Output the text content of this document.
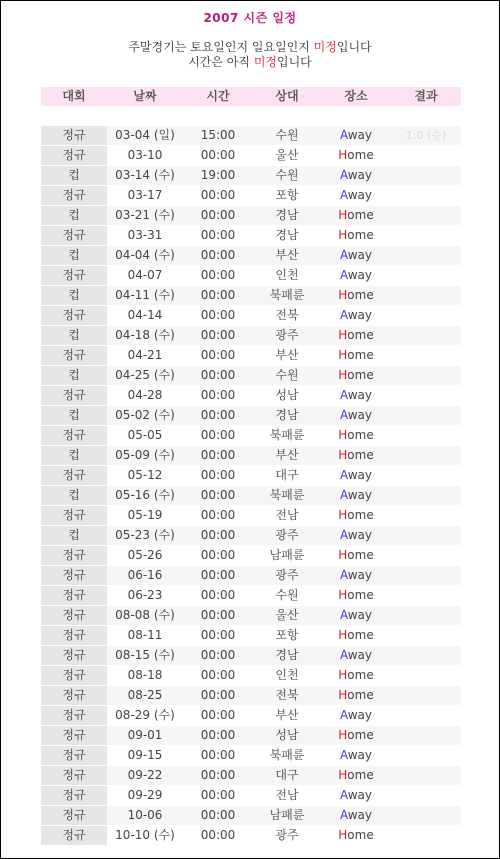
2007 시즌 일정
주말경기는 토요일인지 일요일인지 미정입니다
시간은 아직 미정입니다
대회	날짜	시간	상대	장소	결과
정규	03-04 (일)	15:00	수원	Away	1:0 (승)
정규	03-10	00:00	울산	Home
컵	03-14 (수)	19:00	수원	Away
정규	03-17	00:00	포항	Away
컵	03-21 (수)	00:00	경남	Home
정규	03-31	00:00	경남	Home
컵	04-04 (수)	00:00	부산	Away
정규	04-07	00:00	인천	Away
컵	04-11 (수)	00:00	북패륜	Home
정규	04-14	00:00	전북	Away
컵	04-18 (수)	00:00	광주	Home
정규	04-21	00:00	부산	Home
컵	04-25 (수)	00:00	수원	Home
정규	04-28	00:00	성남	Away
컵	05-02 (수)	00:00	경남	Away
정규	05-05	00:00	북패륜	Home
컵	05-09 (수)	00:00	부산	Home
정규	05-12	00:00	대구	Away
컵	05-16 (수)	00:00	북패륜	Away
정규	05-19	00:00	전남	Home
컵	05-23 (수)	00:00	광주	Away
정규	05-26	00:00	남패륜	Home
정규	06-16	00:00	광주	Away
정규	06-23	00:00	수원	Home
정규	08-08 (수)	00:00	울산	Away
정규	08-11	00:00	포항	Home
정규	08-15 (수)	00:00	경남	Away
정규	08-18	00:00	인천	Home
정규	08-25	00:00	전북	Home
정규	08-29 (수)	00:00	부산	Away
정규	09-01	00:00	성남	Home
정규	09-15	00:00	북패륜	Away
정규	09-22	00:00	대구	Home
정규	09-29	00:00	전남	Away
정규	10-06	00:00	남패륜	Away
정규	10-10 (수)	00:00	광주	Home
